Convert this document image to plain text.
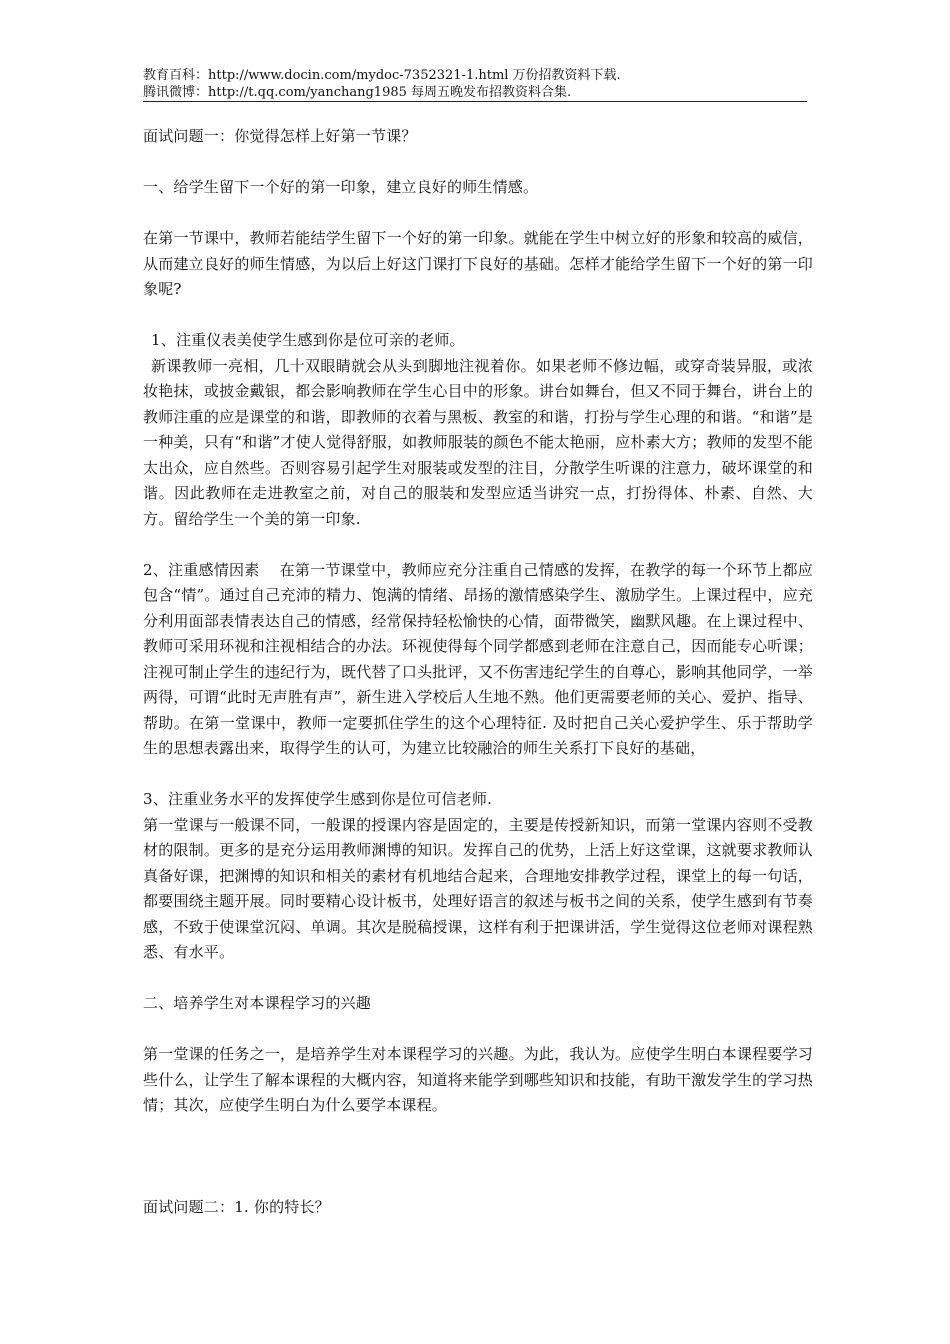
教育百科：http://www.docin.com/mydoc-7352321-1.html 万份招教资料下载.
腾讯微博：http://t.qq.com/yanchang1985 每周五晚发布招教资料合集.

面试问题一：你觉得怎样上好第一节课？

一、给学生留下一个好的第一印象，建立良好的师生情感。

在第一节课中，教师若能结学生留下一个好的第一印象。就能在学生中树立好的形象和较高的威信，从而建立良好的师生情感，为以后上好这门课打下良好的基础。怎样才能给学生留下一个好的第一印象呢?

1、注重仪表美使学生感到你是位可亲的老师。

新课教师一亮相，几十双眼睛就会从头到脚地注视着你。如果老师不修边幅，或穿奇装异服，或浓妆艳抹，或披金戴银，都会影响教师在学生心目中的形象。讲台如舞台，但又不同于舞台，讲台上的教师注重的应是课堂的和谐，即教师的衣着与黑板、教室的和谐，打扮与学生心理的和谐。“和谐”是一种美，只有“和谐”才使人觉得舒服，如教师服装的颜色不能太艳丽，应朴素大方；教师的发型不能太出众，应自然些。否则容易引起学生对服装或发型的注目，分散学生听课的注意力，破坏课堂的和谐。因此教师在走进教室之前，对自己的服装和发型应适当讲究一点，打扮得体、朴素、自然、大方。留给学生一个美的第一印象.

2、注重感情因素　 在第一节课堂中，教师应充分注重自己情感的发挥，在教学的每一个环节上都应包含“情”。通过自己充沛的精力、饱满的情绪、昂扬的激情感染学生、激励学生。上课过程中，应充分利用面部表情表达自己的情感，经常保持轻松愉快的心情，面带微笑，幽默风趣。在上课过程中、教师可采用环视和注视相结合的办法。环视使得每个同学都感到老师在注意自己，因而能专心听课；注视可制止学生的违纪行为，既代替了口头批评，又不伤害违纪学生的自尊心，影响其他同学，一举两得，可谓“此时无声胜有声”，新生进入学校后人生地不熟。他们更需要老师的关心、爱护、指导、帮助。在第一堂课中，教师一定要抓住学生的这个心理特征. 及时把自己关心爱护学生、乐于帮助学生的思想表露出来，取得学生的认可，为建立比较融洽的师生关系打下良好的基础，

3、注重业务水平的发挥使学生感到你是位可信老师.

第一堂课与一般课不同，一般课的授课内容是固定的，主要是传授新知识，而第一堂课内容则不受教材的限制。更多的是充分运用教师渊博的知识。发挥自己的优势，上活上好这堂课，这就要求教师认真备好课，把渊博的知识和相关的素材有机地结合起来，合理地安排教学过程，课堂上的每一句话，都要围绕主题开展。同时要精心设计板书，处理好语言的叙述与板书之间的关系，使学生感到有节奏感，不致于使课堂沉闷、单调。其次是脱稿授课，这样有利于把课讲活，学生觉得这位老师对课程熟悉、有水平。

二、培养学生对本课程学习的兴趣

第一堂课的任务之一，是培养学生对本课程学习的兴趣。为此，我认为。应使学生明白本课程要学习些什么，让学生了解本课程的大概内容，知道将来能学到哪些知识和技能，有助干激发学生的学习热情；其次，应使学生明白为什么要学本课程。

面试问题二：1. 你的特长？
